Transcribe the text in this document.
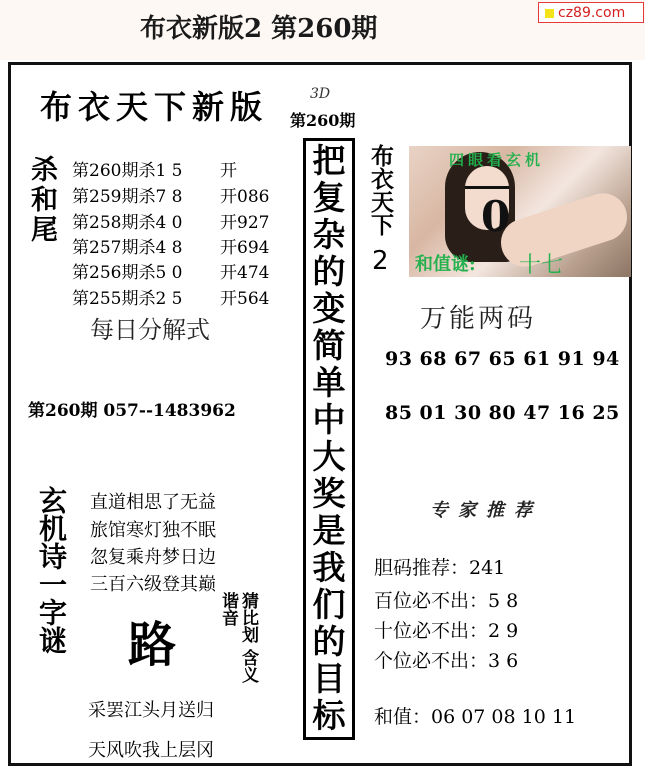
布衣新版2 第260期
cz89.com
布衣天下新版	3D
第260期
杀和尾 第260期杀1 5 开
第259期杀7 8 开086
第258期杀4 0 开927
第257期杀4 8 开694
第256期杀5 0 开474
第255期杀2 5 开564
每日分解式
第260期 057--1483962
把
复
杂
的
变
简
单
中
大
奖
是
我
们
的
目
标
布衣天下
2
四眼看玄机
0
和值谜: 十七
万能两码
93 68 67 65 61 91 94
85 01 30 80 47 16 25
专家推荐
胆码推荐：241
百位必不出：5 8
十位必不出：2 9
个位必不出：3 6
和值：06 07 08 10 11
玄机诗一字谜 直道相思了无益
旅馆寒灯独不眠
忽复乘舟梦日边
三百六级登其巅
路	猜比划 含义 谐音
采罢江头月送归
天风吹我上层冈
